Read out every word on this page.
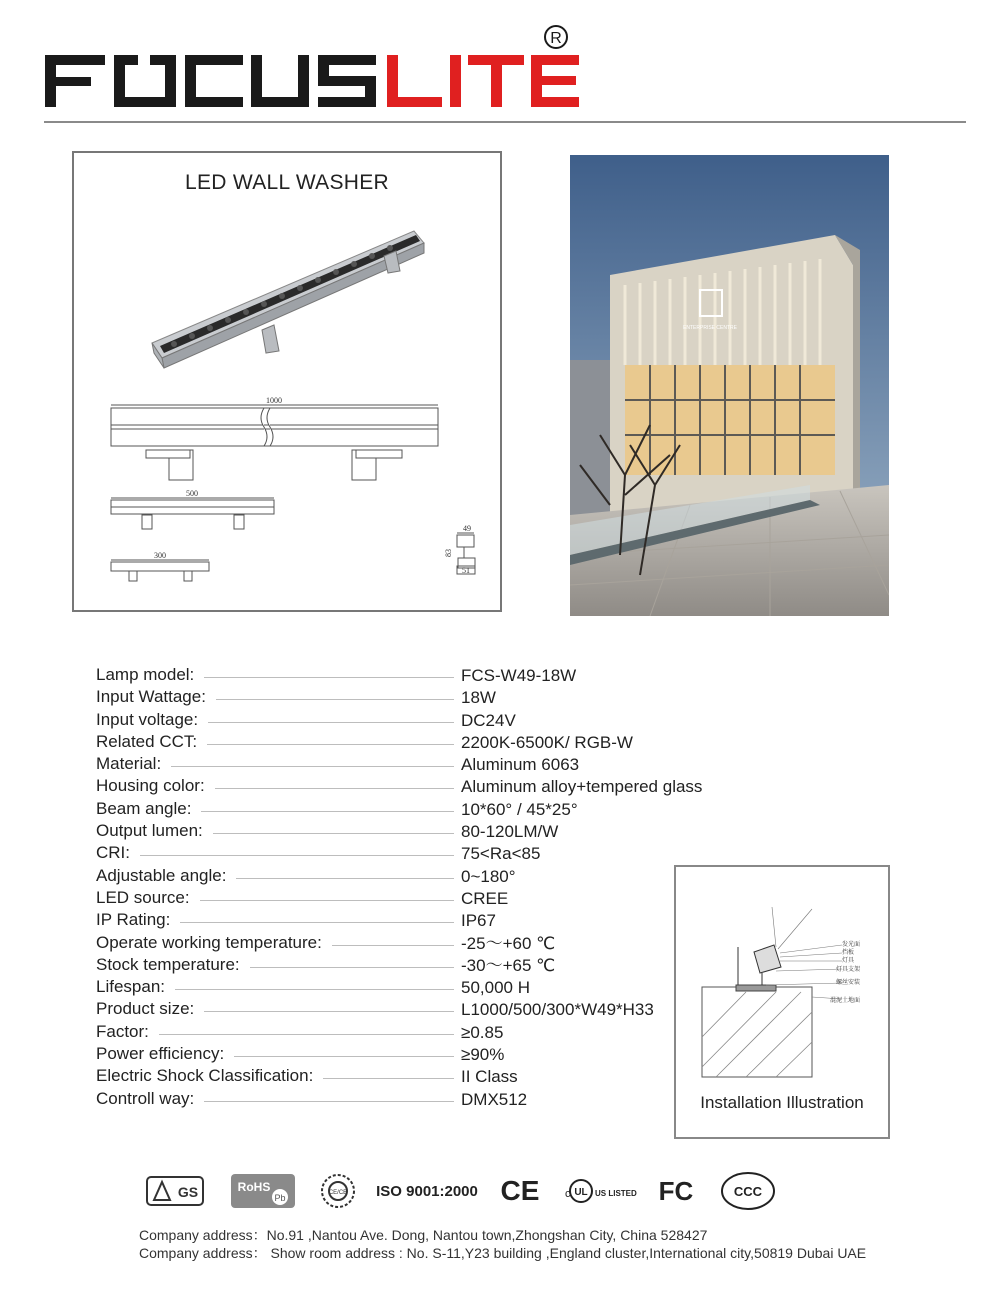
R
1000
500
300
49
83
51
LED WALL WASHER
ENTERPRISE CENTRE
Lamp model:	FCS-W49-18W
Input Wattage:	18W
Input voltage:	DC24V
Related CCT:	2200K-6500K/ RGB-W
Material:	Aluminum 6063
Housing color:	Aluminum alloy+tempered glass
Beam angle:	10*60° / 45*25°
Output lumen:	80-120LM/W
CRI:	75<Ra<85
Adjustable angle:	0~180°
LED source:	CREE
IP Rating:	IP67
Operate working temperature:	-25～+60 ℃
Stock temperature:	-30～+65 ℃
Lifespan:	50,000 H
Product size:	L1000/500/300*W49*H33
Factor:	≥0.85
Power efficiency:	≥90%
Electric Shock Classification:	II Class
Controll way:	DMX512
发光面
挡板
灯具
灯具支架
螺丝安装
混泥土地面
Installation Illustration
GS	RoHS
Pb	CE/CB ISO 9001:2000 CE c UL US LISTED FC	CCC
Company address：No.91 ,Nantou Ave. Dong, Nantou town,Zhongshan City, China 528427
Company address： Show room address : No. S-11,Y23 building ,England cluster,International city,50819 Dubai UAE
